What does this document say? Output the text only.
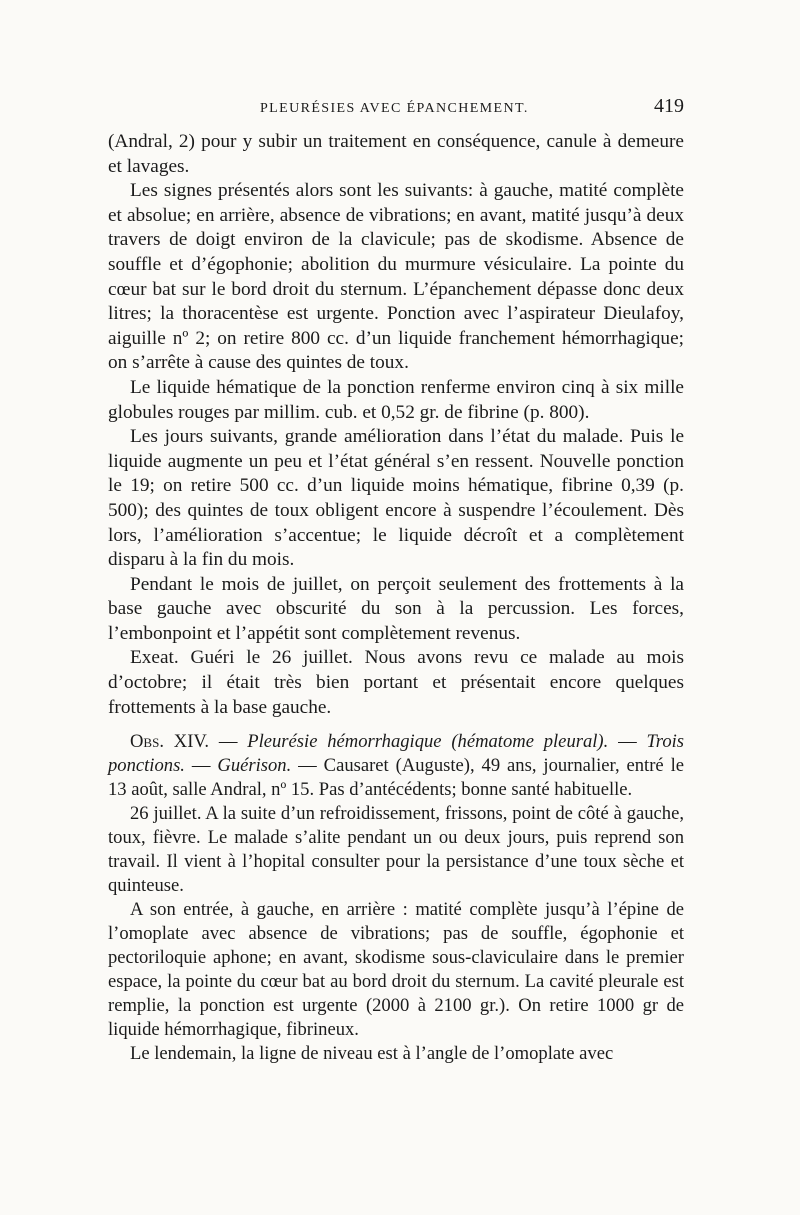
PLEURÉSIES AVEC ÉPANCHEMENT.	419

(Andral, 2) pour y subir un traitement en conséquence, canule à demeure et lavages.

Les signes présentés alors sont les suivants: à gauche, matité complète et absolue; en arrière, absence de vibrations; en avant, matité jusqu’à deux travers de doigt environ de la clavicule; pas de skodisme. Absence de souffle et d’égophonie; abolition du murmure vésiculaire. La pointe du cœur bat sur le bord droit du sternum. L’épanchement dépasse donc deux litres; la thoracentèse est urgente. Ponction avec l’aspirateur Dieulafoy, aiguille nº 2; on retire 800 cc. d’un liquide franchement hémorrhagique; on s’arrête à cause des quintes de toux.

Le liquide hématique de la ponction renferme environ cinq à six mille globules rouges par millim. cub. et 0,52 gr. de fibrine (p. 800).

Les jours suivants, grande amélioration dans l’état du malade. Puis le liquide augmente un peu et l’état général s’en ressent. Nouvelle ponction le 19; on retire 500 cc. d’un liquide moins hématique, fibrine 0,39 (p. 500); des quintes de toux obligent encore à suspendre l’écoulement. Dès lors, l’amélioration s’accentue; le liquide décroît et a complètement disparu à la fin du mois.

Pendant le mois de juillet, on perçoit seulement des frottements à la base gauche avec obscurité du son à la percussion. Les forces, l’embonpoint et l’appétit sont complètement revenus.

Exeat. Guéri le 26 juillet. Nous avons revu ce malade au mois d’octobre; il était très bien portant et présentait encore quelques frottements à la base gauche.

Obs. XIV. — Pleurésie hémorrhagique (hématome pleural). — Trois ponctions. — Guérison. — Causaret (Auguste), 49 ans, journalier, entré le 13 août, salle Andral, nº 15. Pas d’antécédents; bonne santé habituelle.

26 juillet. A la suite d’un refroidissement, frissons, point de côté à gauche, toux, fièvre. Le malade s’alite pendant un ou deux jours, puis reprend son travail. Il vient à l’hopital consulter pour la persistance d’une toux sèche et quinteuse.

A son entrée, à gauche, en arrière : matité complète jusqu’à l’épine de l’omoplate avec absence de vibrations; pas de souffle, égophonie et pectoriloquie aphone; en avant, skodisme sous-claviculaire dans le premier espace, la pointe du cœur bat au bord droit du sternum. La cavité pleurale est remplie, la ponction est urgente (2000 à 2100 gr.). On retire 1000 gr de liquide hémorrhagique, fibrineux.

Le lendemain, la ligne de niveau est à l’angle de l’omoplate avec
